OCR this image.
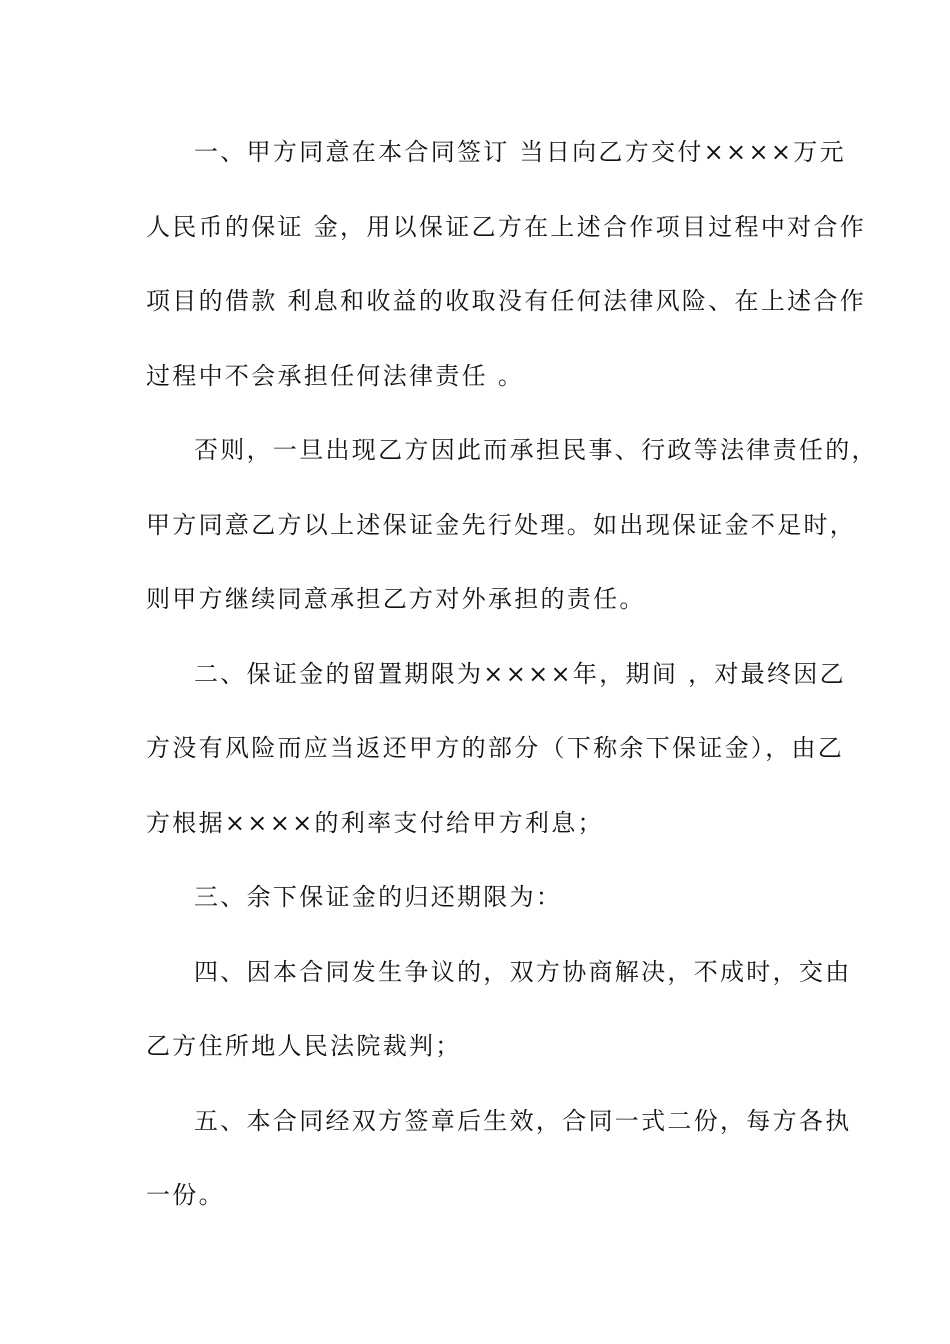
一、甲方同意在本合同签订 当日向乙方交付××××万元
人民币的保证 金，用以保证乙方在上述合作项目过程中对合作
项目的借款 利息和收益的收取没有任何法律风险、在上述合作
过程中不会承担任何法律责任 。

否则，一旦出现乙方因此而承担民事、行政等法律责任的，
甲方同意乙方以上述保证金先行处理。如出现保证金不足时，
则甲方继续同意承担乙方对外承担的责任。

二、保证金的留置期限为××××年，期间 ，对最终因乙
方没有风险而应当返还甲方的部分（下称余下保证金），由乙
方根据××××的利率支付给甲方利息；

三、余下保证金的归还期限为：

四、因本合同发生争议的，双方协商解决，不成时，交由
乙方住所地人民法院裁判；

五、本合同经双方签章后生效，合同一式二份，每方各执
一份。
